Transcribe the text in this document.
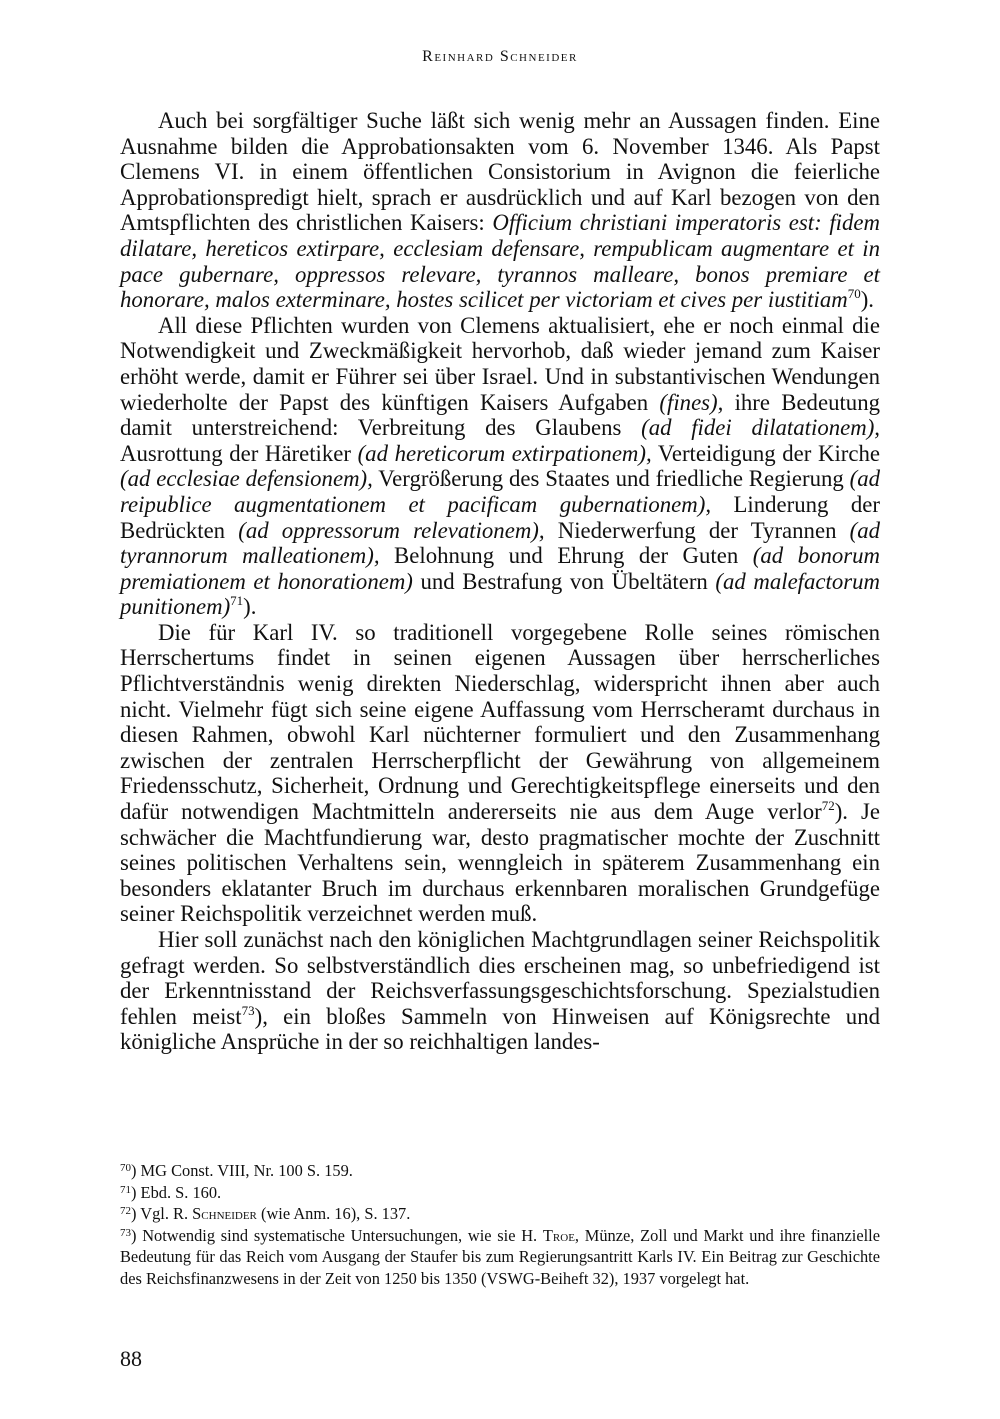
Reinhard Schneider

Auch bei sorgfältiger Suche läßt sich wenig mehr an Aussagen finden. Eine Ausnahme bilden die Approbationsakten vom 6. November 1346. Als Papst Clemens VI. in einem öffentlichen Consistorium in Avignon die feierliche Approbationspredigt hielt, sprach er ausdrücklich und auf Karl bezogen von den Amtspflichten des christlichen Kaisers: Officium christiani imperatoris est: fidem dilatare, hereticos extirpare, ecclesiam defensare, rempublicam augmentare et in pace gubernare, oppressos relevare, tyrannos malleare, bonos premiare et honorare, malos exterminare, hostes scilicet per victoriam et cives per iustitiam$^{70}$).

All diese Pflichten wurden von Clemens aktualisiert, ehe er noch einmal die Notwendigkeit und Zweckmäßigkeit hervorhob, daß wieder jemand zum Kaiser erhöht werde, damit er Führer sei über Israel. Und in substantivischen Wendungen wiederholte der Papst des künftigen Kaisers Aufgaben (fines), ihre Bedeutung damit unterstreichend: Verbreitung des Glaubens (ad fidei dilatationem), Ausrottung der Häretiker (ad hereticorum extirpationem), Verteidigung der Kirche (ad ecclesiae defensionem), Vergrößerung des Staates und friedliche Regierung (ad reipublice augmentationem et pacificam gubernationem), Linderung der Bedrückten (ad oppressorum relevationem), Niederwerfung der Tyrannen (ad tyrannorum malleationem), Belohnung und Ehrung der Guten (ad bonorum premiationem et honorationem) und Bestrafung von Übeltätern (ad malefactorum punitionem)$^{71}$).

Die für Karl IV. so traditionell vorgegebene Rolle seines römischen Herrschertums findet in seinen eigenen Aussagen über herrscherliches Pflichtverständnis wenig direkten Niederschlag, widerspricht ihnen aber auch nicht. Vielmehr fügt sich seine eigene Auffassung vom Herrscheramt durchaus in diesen Rahmen, obwohl Karl nüchterner formuliert und den Zusammenhang zwischen der zentralen Herrscherpflicht der Gewährung von allgemeinem Friedensschutz, Sicherheit, Ordnung und Gerechtigkeitspflege einerseits und den dafür notwendigen Machtmitteln andererseits nie aus dem Auge verlor$^{72}$). Je schwächer die Machtfundierung war, desto pragmatischer mochte der Zuschnitt seines politischen Verhaltens sein, wenngleich in späterem Zusammenhang ein besonders eklatanter Bruch im durchaus erkennbaren moralischen Grundgefüge seiner Reichspolitik verzeichnet werden muß.

Hier soll zunächst nach den königlichen Machtgrundlagen seiner Reichspolitik gefragt werden. So selbstverständlich dies erscheinen mag, so unbefriedigend ist der Erkenntnisstand der Reichsverfassungsgeschichtsforschung. Spezialstudien fehlen meist$^{73}$), ein bloßes Sammeln von Hinweisen auf Königsrechte und königliche Ansprüche in der so reichhaltigen landes-

$^{70}$) MG Const. VIII, Nr. 100 S. 159.

$^{71}$) Ebd. S. 160.

$^{72}$) Vgl. R. Schneider (wie Anm. 16), S. 137.

$^{73}$) Notwendig sind systematische Untersuchungen, wie sie H. Troe, Münze, Zoll und Markt und ihre finanzielle Bedeutung für das Reich vom Ausgang der Staufer bis zum Regierungsantritt Karls IV. Ein Beitrag zur Geschichte des Reichsfinanzwesens in der Zeit von 1250 bis 1350 (VSWG-Beiheft 32), 1937 vorgelegt hat.

88
